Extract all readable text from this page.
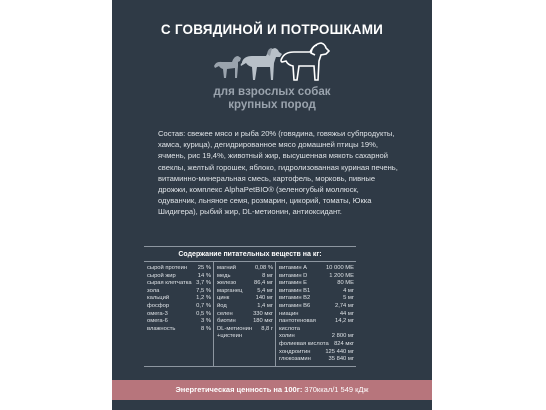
С ГОВЯДИНОЙ И ПОТРОШКАМИ
для взрослых собак
крупных пород
Состав: свежее мясо и рыба 20% (говядина, говяжьи субпродукты, хамса, курица), дегидрированное мясо домашней птицы 19%, ячмень, рис 19,4%, животный жир, высушенная мякоть сахарной свеклы, желтый горошек, яблоко, гидролизованная куриная печень, витаминно-минеральная смесь, картофель, морковь, пивные дрожжи, комплекс AlphaPetBIO® (зеленогубый моллюск, одуванчик, льняное семя, розмарин, цикорий, томаты, Юкка Шидигера), рыбий жир, DL-метионин, антиоксидант.
Содержание питательных веществ на кг:
сырой протеин	25 %
сырой жир	14 %
сырая клетчатка 3,7 %
зола	7,5 %
кальций	1,2 %
фосфор	0,7 %
омега-3	0,5 %
омега-6	3 %
влажность	8 %
магний	0,08 %
медь	8 мг
железо	86,4 мг
марганец	5,4 мг
цинк	140 мг
йод	1,4 мг
селен	330 мкг
биотин	180 мкг
DL-метионин +цистеин
8,8 г
витамин А	10 000 МЕ
витамин D	1 200 МЕ
витамин Е	80 МЕ
витамин В1	4 мг
витамин В2	5 мг
витамин В6	2,74 мг
ниацин	44 мг
пантотеновая кислота
14,2 мг
холин	2 800 мг
фолиевая кислота 824 мкг
хондроитин	125 440 мг
глюкозамин	35 840 мг
Энергетическая ценность на 100г: 370ккал/1 549 кДж
